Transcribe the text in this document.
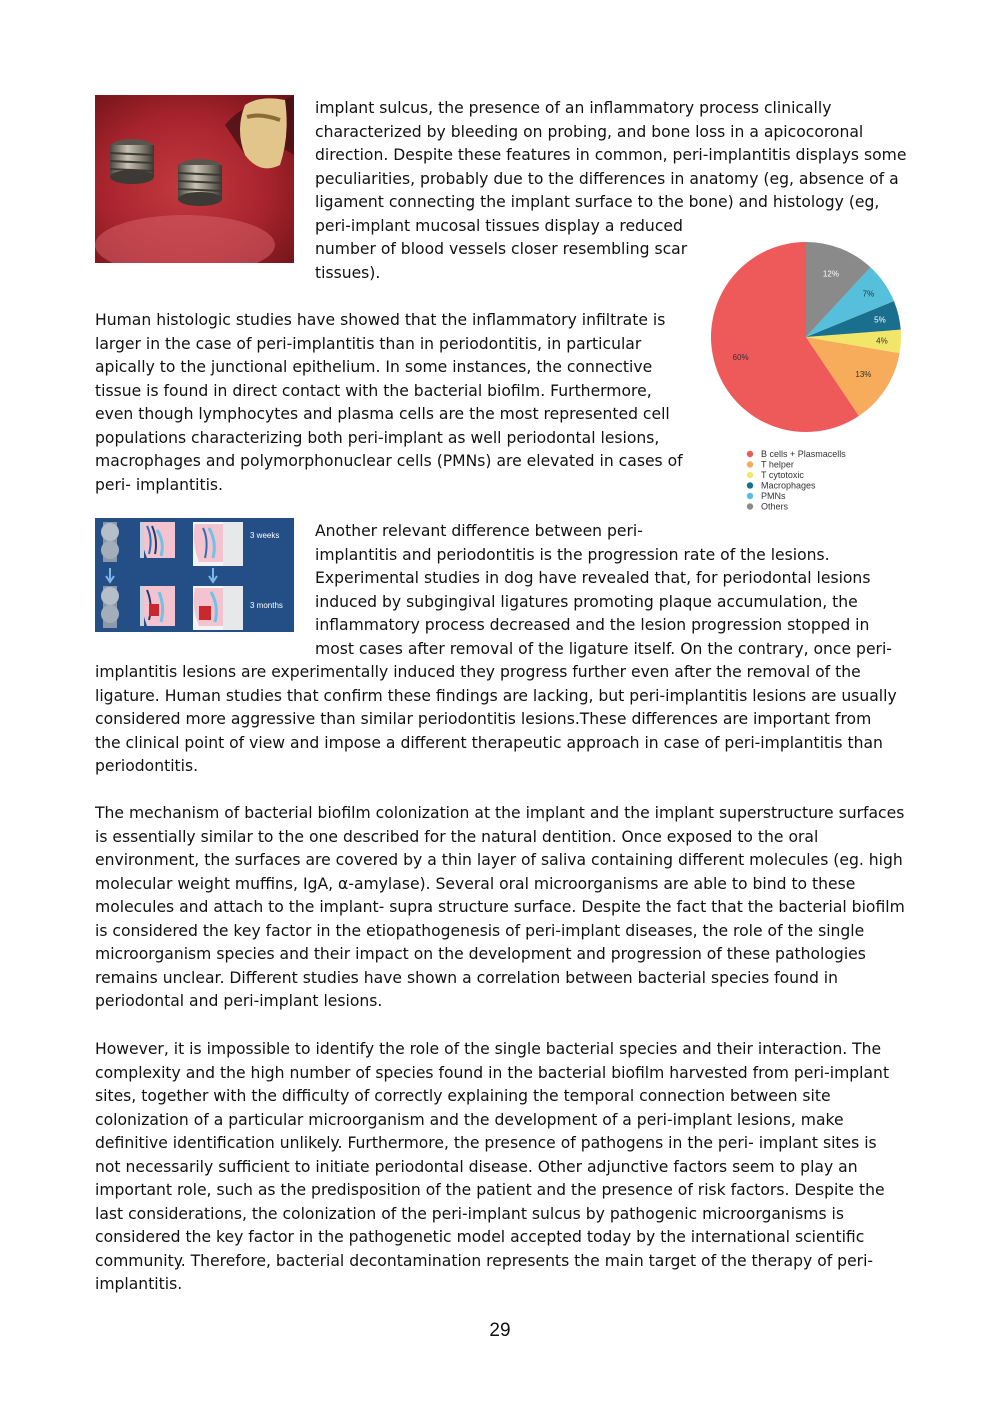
implant sulcus, the presence of an inflammatory process clinically
characterized by bleeding on probing, and bone loss in a apicocoronal
direction. Despite these features in common, peri-implantitis displays some
peculiarities, probably due to the differences in anatomy (eg, absence of a
ligament connecting the implant surface to the bone) and histology (eg,
peri-implant mucosal tissues display a reduced
number of blood vessels closer resembling scar
tissues).
60%
13%
4%
5%
7%
12%
B cells + Plasmacells
T helper
T cytotoxic
Macrophages
PMNs
Others
Human histologic studies have showed that the inflammatory infiltrate is
larger in the case of peri-implantitis than in periodontitis, in particular
apically to the junctional epithelium. In some instances, the connective
tissue is found in direct contact with the bacterial biofilm. Furthermore,
even though lymphocytes and plasma cells are the most represented cell
populations characterizing both peri-implant as well periodontal lesions,
macrophages and polymorphonuclear cells (PMNs) are elevated in cases of
peri- implantitis.
3 weeks
3 months
Another relevant difference between peri-
implantitis and periodontitis is the progression rate of the lesions.
Experimental studies in dog have revealed that, for periodontal lesions
induced by subgingival ligatures promoting plaque accumulation, the
inflammatory process decreased and the lesion progression stopped in
most cases after removal of the ligature itself. On the contrary, once peri-
implantitis lesions are experimentally induced they progress further even after the removal of the
ligature. Human studies that confirm these findings are lacking, but peri-implantitis lesions are usually
considered more aggressive than similar periodontitis lesions.These differences are important from
the clinical point of view and impose a different therapeutic approach in case of peri-implantitis than
periodontitis.

The mechanism of bacterial biofilm colonization at the implant and the implant superstructure surfaces is essentially similar to the one described for the natural dentition. Once exposed to the oral environment, the surfaces are covered by a thin layer of saliva containing different molecules (eg. high molecular weight muffins, IgA, α-amylase). Several oral microorganisms are able to bind to these molecules and attach to the implant- supra structure surface. Despite the fact that the bacterial biofilm is considered the key factor in the etiopathogenesis of peri-implant diseases, the role of the single microorganism species and their impact on the development and progression of these pathologies remains unclear. Different studies have shown a correlation between bacterial species found in periodontal and peri-implant lesions.

However, it is impossible to identify the role of the single bacterial species and their interaction. The complexity and the high number of species found in the bacterial biofilm harvested from peri-implant sites, together with the difficulty of correctly explaining the temporal connection between site colonization of a particular microorganism and the development of a peri-implant lesions, make definitive identification unlikely. Furthermore, the presence of pathogens in the peri- implant sites is not necessarily sufficient to initiate periodontal disease. Other adjunctive factors seem to play an important role, such as the predisposition of the patient and the presence of risk factors. Despite the last considerations, the colonization of the peri-implant sulcus by pathogenic microorganisms is considered the key factor in the pathogenetic model accepted today by the international scientific community. Therefore, bacterial decontamination represents the main target of the therapy of peri-implantitis.

29
